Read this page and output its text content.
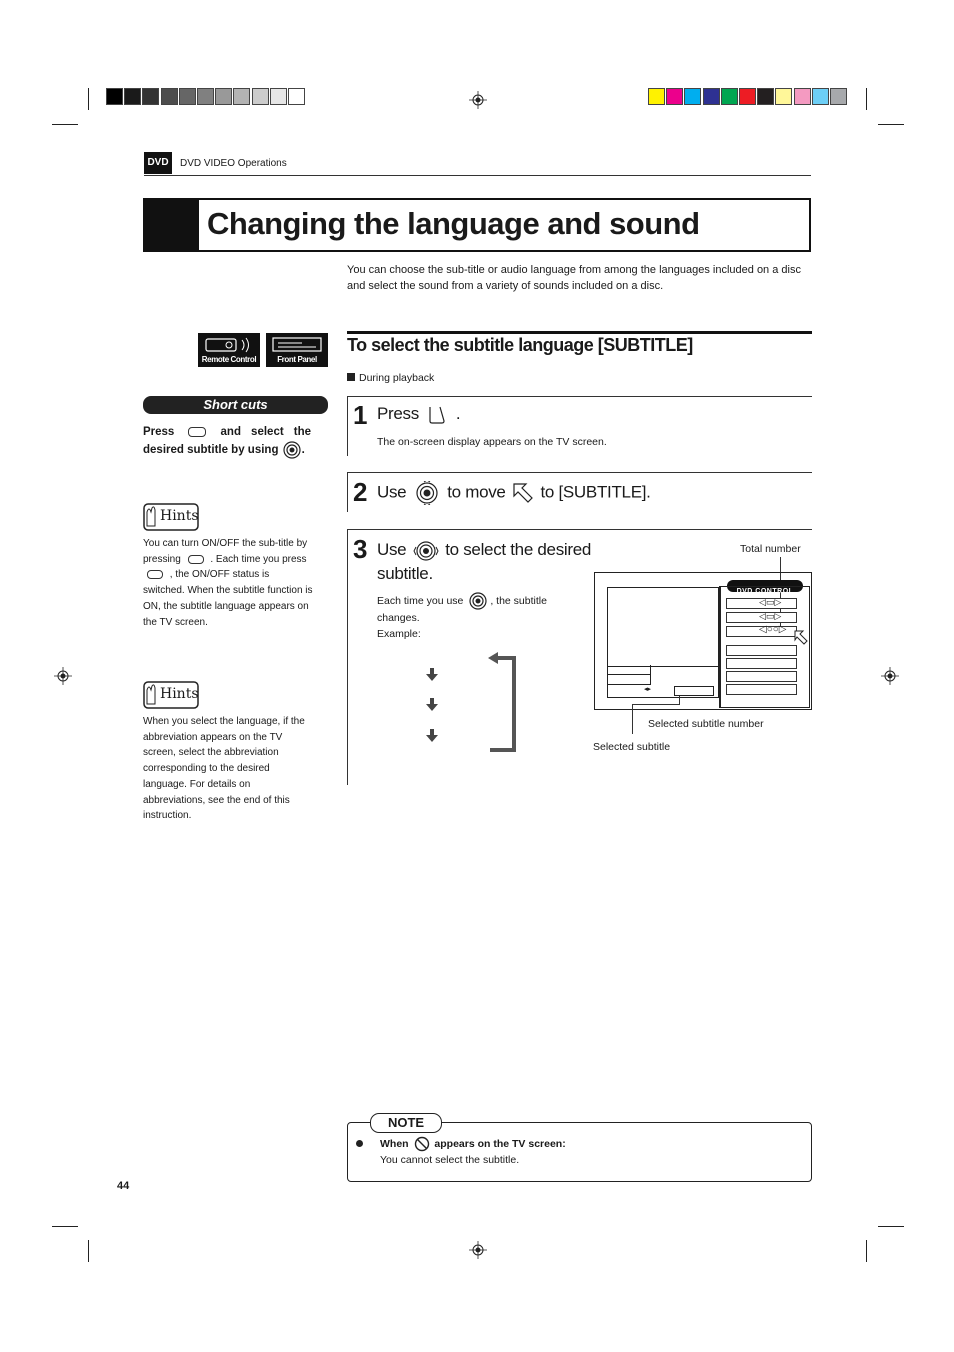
DVD	DVD VIDEO Operations
Changing the language and sound
You can choose the sub-title or audio language from among the languages included on a disc and select the sound from a variety of sounds included on a disc.
Remote Control	Front Panel
Short cuts
Press	and select the desired subtitle by using .
Hints
You can turn ON/OFF the sub-title by pressing	. Each time you press  , the ON/OFF status is switched. When the subtitle function is ON, the subtitle language appears on the TV screen.
Hints
When you select the language, if the abbreviation appears on the TV screen, select the abbreviation corresponding to the desired language. For details on abbreviations, see the end of this instruction.
To select the subtitle language [SUBTITLE]
During playback
1 Press .
The on-screen display appears on the TV screen.
2 Use to move to [SUBTITLE].
3 Use to select the desired subtitle.
Each time you use	, the subtitle changes.
Example:
Total number
◂▸
DVD CONTROL
◁▭▷
◁▭▷
◁○○▷
Selected subtitle number
Selected subtitle
NOTE
When appears on the TV screen:
You cannot select the subtitle.
44
